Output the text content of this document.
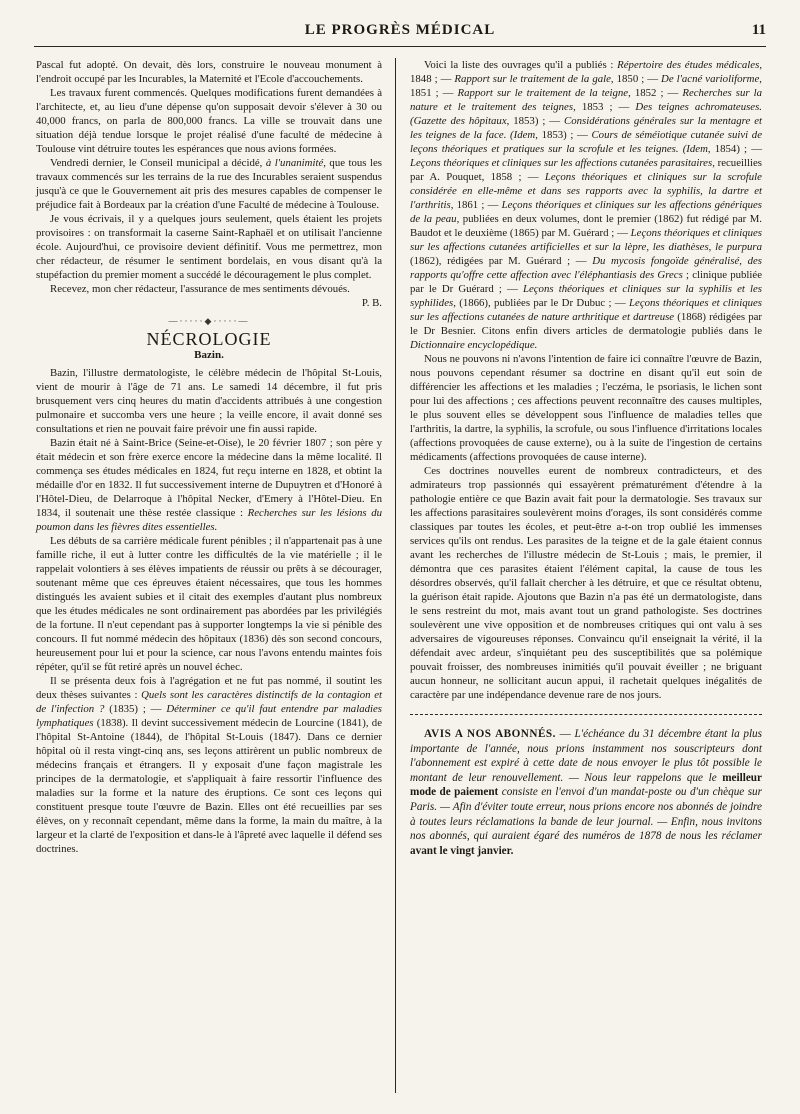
LE PROGRÈS MÉDICAL	11

Pascal fut adopté. On devait, dès lors, construire le nouveau monument à l'endroit occupé par les Incurables, la Maternité et l'Ecole d'accouchements.

Les travaux furent commencés. Quelques modifications furent demandées à l'architecte, et, au lieu d'une dépense qu'on supposait devoir s'élever à 30 ou 40,000 francs, on parla de 800,000 francs. La ville se trouvait dans une situation déjà tendue lorsque le projet réalisé d'une faculté de médecine à Toulouse vint détruire toutes les espérances que nous avions formées.

Vendredi dernier, le Conseil municipal a décidé, à l'unanimité, que tous les travaux commencés sur les terrains de la rue des Incurables seraient suspendus jusqu'à ce que le Gouvernement ait pris des mesures capables de compenser le préjudice fait à Bordeaux par la création d'une Faculté de médecine à Toulouse.

Je vous écrivais, il y a quelques jours seulement, quels étaient les projets provisoires : on transformait la caserne Saint-Raphaël et on utilisait l'ancienne école. Aujourd'hui, ce provisoire devient définitif. Vous me permettrez, mon cher rédacteur, de résumer le sentiment bordelais, en vous disant qu'à la stupéfaction du premier moment a succédé le découragement le plus complet.

Recevez, mon cher rédacteur, l'assurance de mes sentiments dévoués.

P. B.
—·····◆·····—
NÉCROLOGIE
Bazin.

Bazin, l'illustre dermatologiste, le célèbre médecin de l'hôpital St-Louis, vient de mourir à l'âge de 71 ans. Le samedi 14 décembre, il fut pris brusquement vers cinq heures du matin d'accidents attribués à une congestion pulmonaire et succomba vers une heure ; la veille encore, il avait donné ses consultations et rien ne pouvait faire prévoir une fin aussi rapide.

Bazin était né à Saint-Brice (Seine-et-Oise), le 20 février 1807 ; son père y était médecin et son frère exerce encore la médecine dans la même localité. Il commença ses études médicales en 1824, fut reçu interne en 1828, et obtint la médaille d'or en 1832. Il fut successivement interne de Dupuytren et d'Honoré à l'Hôtel-Dieu, de Delarroque à l'hôpital Necker, d'Emery à l'Hôtel-Dieu. En 1834, il soutenait une thèse restée classique : Recherches sur les lésions du poumon dans les fièvres dites essentielles.

Les débuts de sa carrière médicale furent pénibles ; il n'appartenait pas à une famille riche, il eut à lutter contre les difficultés de la vie matérielle ; il le rappelait volontiers à ses élèves impatients de réussir ou prêts à se décourager, soutenant même que ces épreuves étaient nécessaires, que tous les hommes distingués les avaient subies et il citait des exemples d'autant plus nombreux que les études médicales ne sont ordinairement pas abordées par les privilégiés de la fortune. Il n'eut cependant pas à supporter longtemps la vie si pénible des concours. Il fut nommé médecin des hôpitaux (1836) dès son second concours, heureusement pour lui et pour la science, car nous l'avons entendu maintes fois répéter, qu'il se fût retiré après un nouvel échec.

Il se présenta deux fois à l'agrégation et ne fut pas nommé, il soutint les deux thèses suivantes : Quels sont les caractères distinctifs de la contagion et de l'infection ? (1835) ; — Déterminer ce qu'il faut entendre par maladies lymphatiques (1838). Il devint successivement médecin de Lourcine (1841), de l'hôpital St-Antoine (1844), de l'hôpital St-Louis (1847). Dans ce dernier hôpital où il resta vingt-cinq ans, ses leçons attirèrent un public nombreux de médecins français et étrangers. Il y exposait d'une façon magistrale les principes de la dermatologie, et s'appliquait à faire ressortir l'influence des maladies sur la forme et la nature des éruptions. Ce sont ces leçons qui constituent presque toute l'œuvre de Bazin. Elles ont été recueillies par ses élèves, on y reconnaît cependant, même dans la forme, la main du maître, à la largeur et la clarté de l'exposition et dans-le à l'âpreté avec laquelle il défend ses doctrines.

Voici la liste des ouvrages qu'il a publiés : Répertoire des études médicales, 1848 ; — Rapport sur le traitement de la gale, 1850 ; — De l'acné varioliforme, 1851 ; — Rapport sur le traitement de la teigne, 1852 ; — Recherches sur la nature et le traitement des teignes, 1853 ; — Des teignes achromateuses. (Gazette des hôpitaux, 1853) ; — Considérations générales sur la mentagre et les teignes de la face. (Idem, 1853) ; — Cours de séméiotique cutanée suivi de leçons théoriques et pratiques sur la scrofule et les teignes. (Idem, 1854) ; — Leçons théoriques et cliniques sur les affections cutanées parasitaires, recueillies par A. Pouquet, 1858 ; — Leçons théoriques et cliniques sur la scrofule considérée en elle-même et dans ses rapports avec la syphilis, la dartre et l'arthritis, 1861 ; — Leçons théoriques et cliniques sur les affections génériques de la peau, publiées en deux volumes, dont le premier (1862) fut rédigé par M. Baudot et le deuxième (1865) par M. Guérard ; — Leçons théoriques et cliniques sur les affections cutanées artificielles et sur la lèpre, les diathèses, le purpura (1862), rédigées par M. Guérard ; — Du mycosis fongoïde généralisé, des rapports qu'offre cette affection avec l'éléphantiasis des Grecs ; clinique publiée par le Dr Guérard ; — Leçons théoriques et cliniques sur la syphilis et les syphilides, (1866), publiées par le Dr Dubuc ; — Leçons théoriques et cliniques sur les affections cutanées de nature arthritique et dartreuse (1868) rédigées par le Dr Besnier. Citons enfin divers articles de dermatologie publiés dans le Dictionnaire encyclopédique.

Nous ne pouvons ni n'avons l'intention de faire ici connaître l'œuvre de Bazin, nous pouvons cependant résumer sa doctrine en disant qu'il eut soin de différencier les affections et les maladies ; l'eczéma, le psoriasis, le lichen sont pour lui des affections ; ces affections peuvent reconnaître des causes multiples, le plus souvent elles se développent sous l'influence de maladies telles que l'arthritis, la dartre, la syphilis, la scrofule, ou sous l'influence d'irritations locales (affections provoquées de cause externe), ou à la suite de l'ingestion de certains médicaments (affections provoquées de cause interne).

Ces doctrines nouvelles eurent de nombreux contradicteurs, et des admirateurs trop passionnés qui essayèrent prématurément d'étendre à la pathologie entière ce que Bazin avait fait pour la dermatologie. Ses travaux sur les affections parasitaires soulevèrent moins d'orages, ils sont considérés comme classiques par toutes les écoles, et peut-être a-t-on trop oublié les immenses services qu'ils ont rendus. Les parasites de la teigne et de la gale étaient connus avant les recherches de l'illustre médecin de St-Louis ; mais, le premier, il démontra que ces parasites étaient l'élément capital, la cause de tous les désordres observés, qu'il fallait chercher à les détruire, et que ce résultat obtenu, la guérison était rapide. Ajoutons que Bazin n'a pas été un dermatologiste, dans le sens restreint du mot, mais avant tout un grand pathologiste. Ses doctrines soulevèrent une vive opposition et de nombreuses critiques qui ont valu à ses adversaires de vigoureuses réponses. Convaincu qu'il enseignait la vérité, il la défendait avec ardeur, s'inquiétant peu des susceptibilités que sa polémique pouvait froisser, des nombreuses inimitiés qu'il pouvait éveiller ; ne briguant aucun honneur, ne sollicitant aucun appui, il rachetait quelques inégalités de caractère par une indépendance devenue rare de nos jours.

AVIS A NOS ABONNÉS. — L'échéance du 31 décembre étant la plus importante de l'année, nous prions instamment nos souscripteurs dont l'abonnement est expiré à cette date de nous envoyer le plus tôt possible le montant de leur renouvellement. — Nous leur rappelons que le meilleur mode de paiement consiste en l'envoi d'un mandat-poste ou d'un chèque sur Paris. — Afin d'éviter toute erreur, nous prions encore nos abonnés de joindre à toutes leurs réclamations la bande de leur journal. — Enfin, nous invitons nos abonnés, qui auraient égaré des numéros de 1878 de nous les réclamer avant le vingt janvier.
